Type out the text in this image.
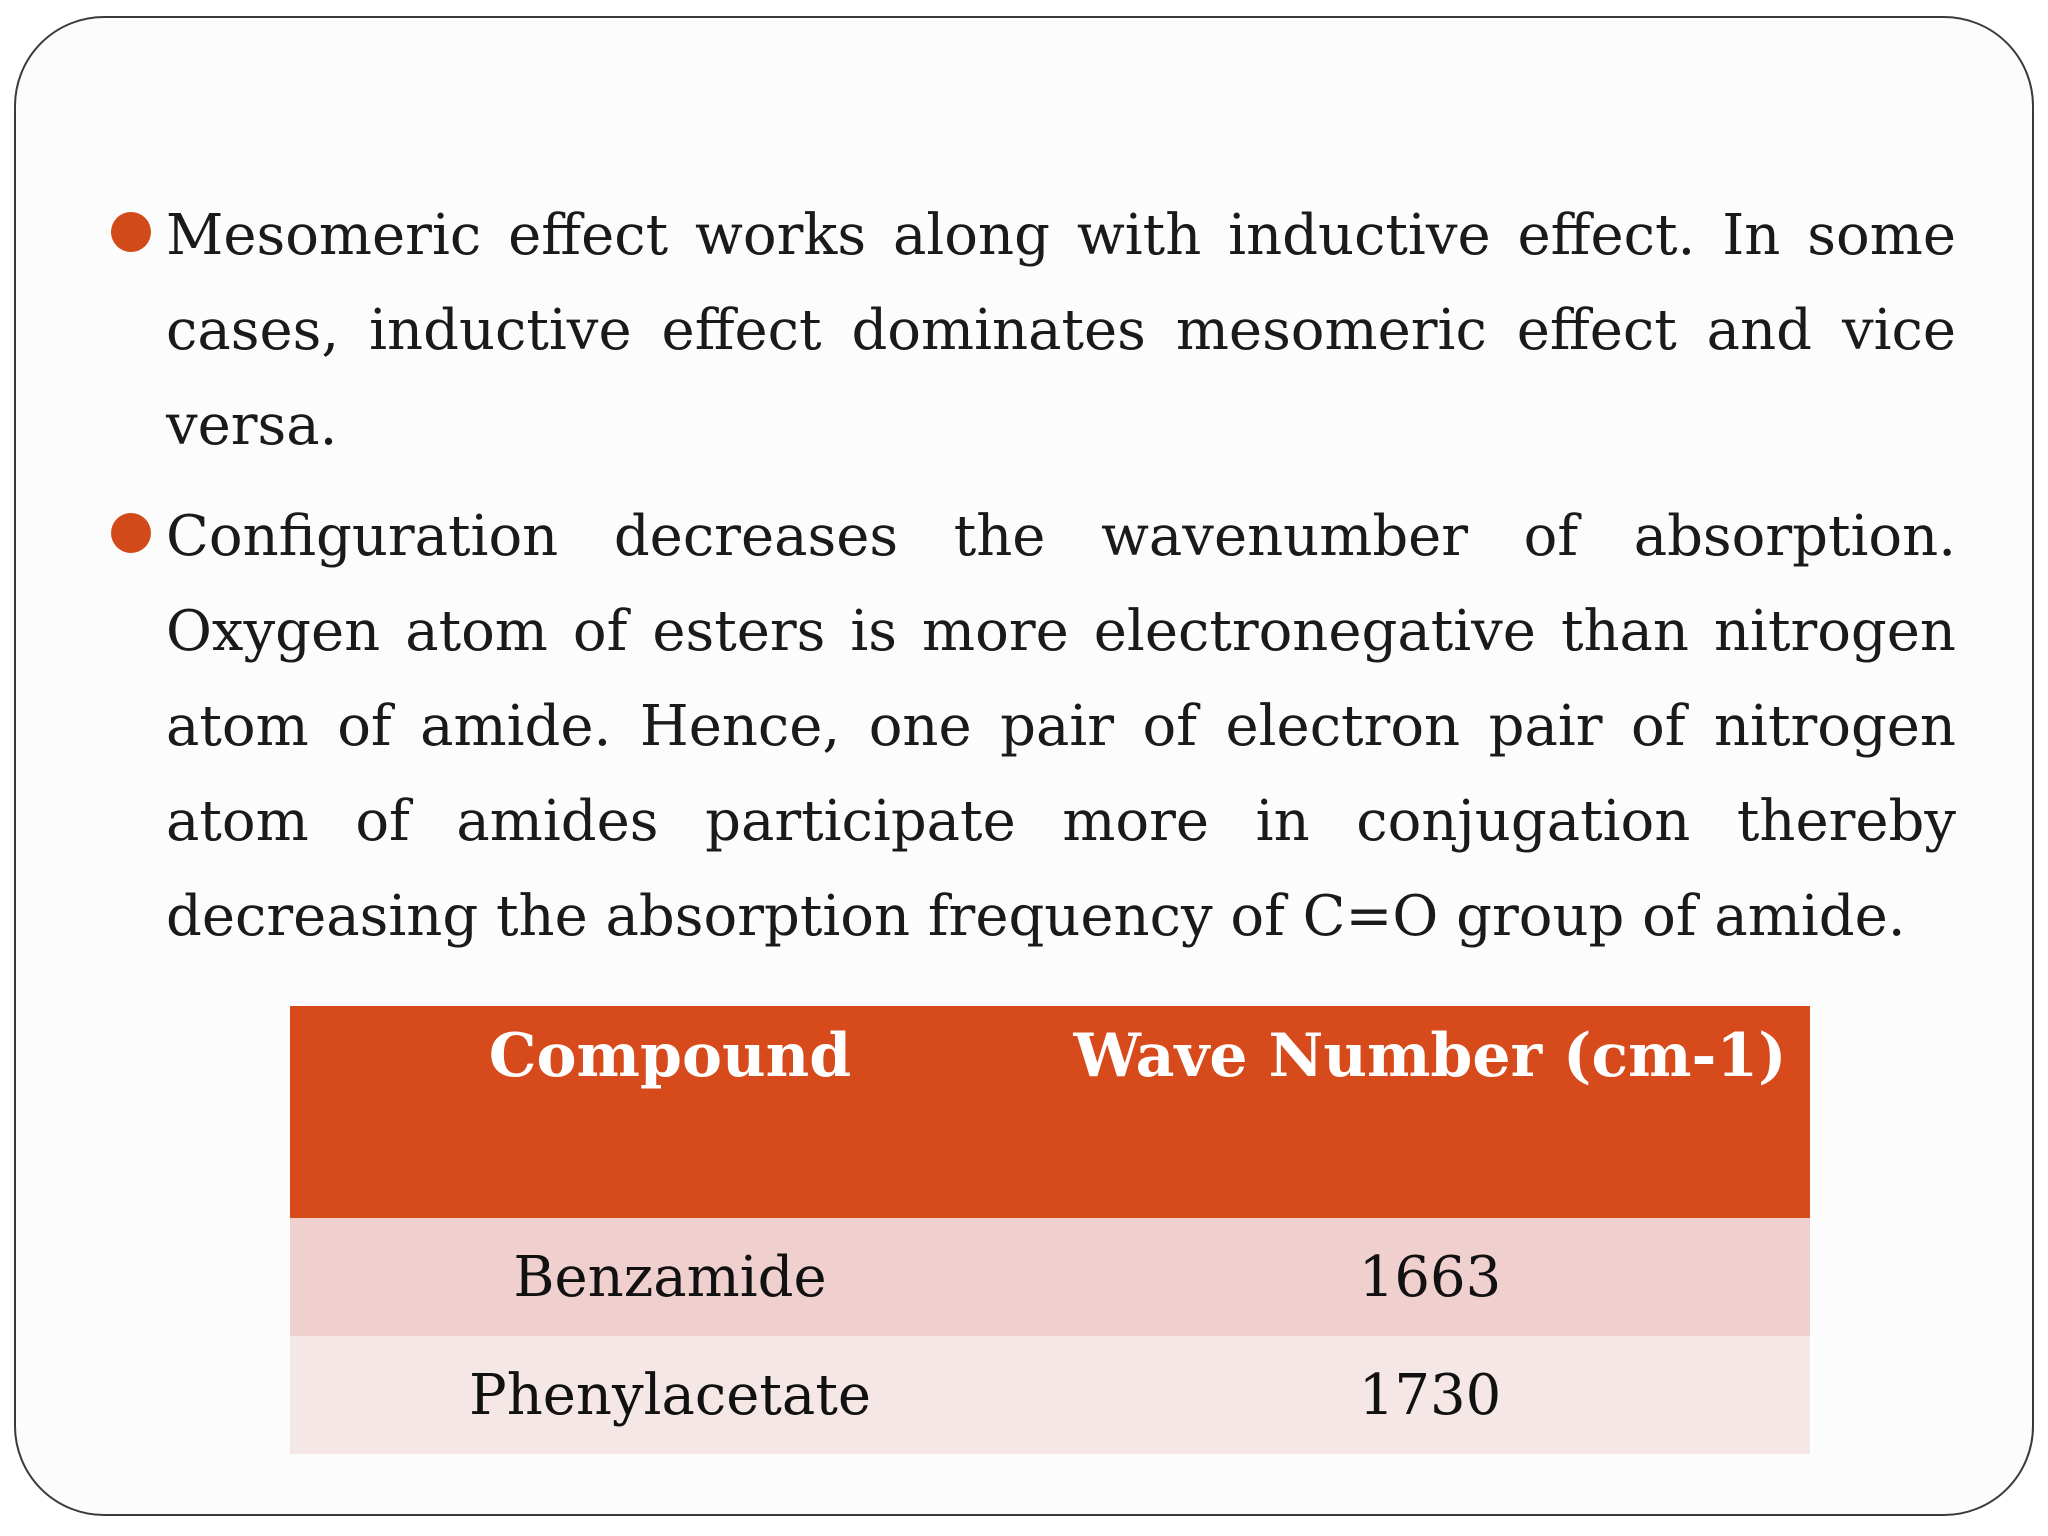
Mesomeric effect works along with inductive effect. In some cases, inductive effect dominates mesomeric effect and vice versa.
Configuration decreases the wavenumber of absorption. Oxygen atom of esters is more electronegative than nitrogen atom of amide. Hence, one pair of electron pair of nitrogen atom of amides participate more in conjugation thereby decreasing the absorption frequency of C=O group of amide.
Compound	Wave Number (cm-1)
Benzamide	1663
Phenylacetate	1730
